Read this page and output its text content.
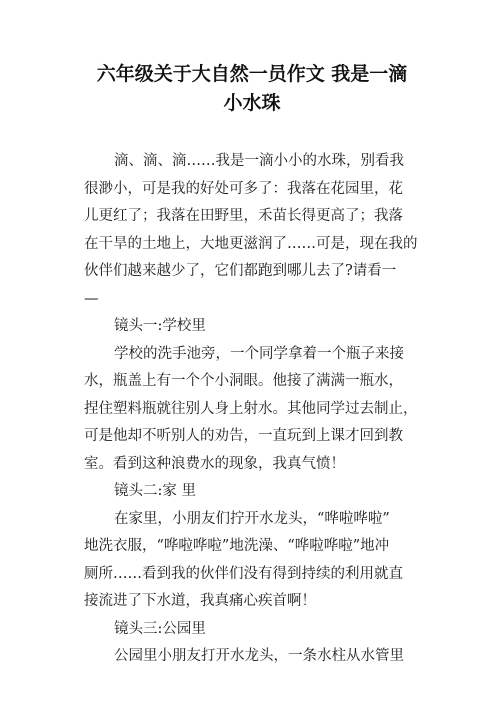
六年级关于大自然一员作文 我是一滴
小水珠
滴、滴、滴……我是一滴小小的水珠，别看我
很渺小，可是我的好处可多了：我落在花园里，花
儿更红了；我落在田野里，禾苗长得更高了；我落
在干旱的土地上，大地更滋润了……可是，现在我的
伙伴们越来越少了，它们都跑到哪儿去了?请看一
—
镜头一:学校里
学校的洗手池旁，一个同学拿着一个瓶子来接
水，瓶盖上有一个个小洞眼。他接了满满一瓶水，
捏住塑料瓶就往别人身上射水。其他同学过去制止，
可是他却不听别人的劝告，一直玩到上课才回到教
室。看到这种浪费水的现象，我真气愤！
镜头二:家 里
在家里，小朋友们拧开水龙头，“哗啦哗啦”
地洗衣服，“哗啦哗啦”地洗澡、“哗啦哗啦”地冲
厕所……看到我的伙伴们没有得到持续的利用就直
接流进了下水道，我真痛心疾首啊！
镜头三:公园里
公园里小朋友打开水龙头，一条水柱从水管里
